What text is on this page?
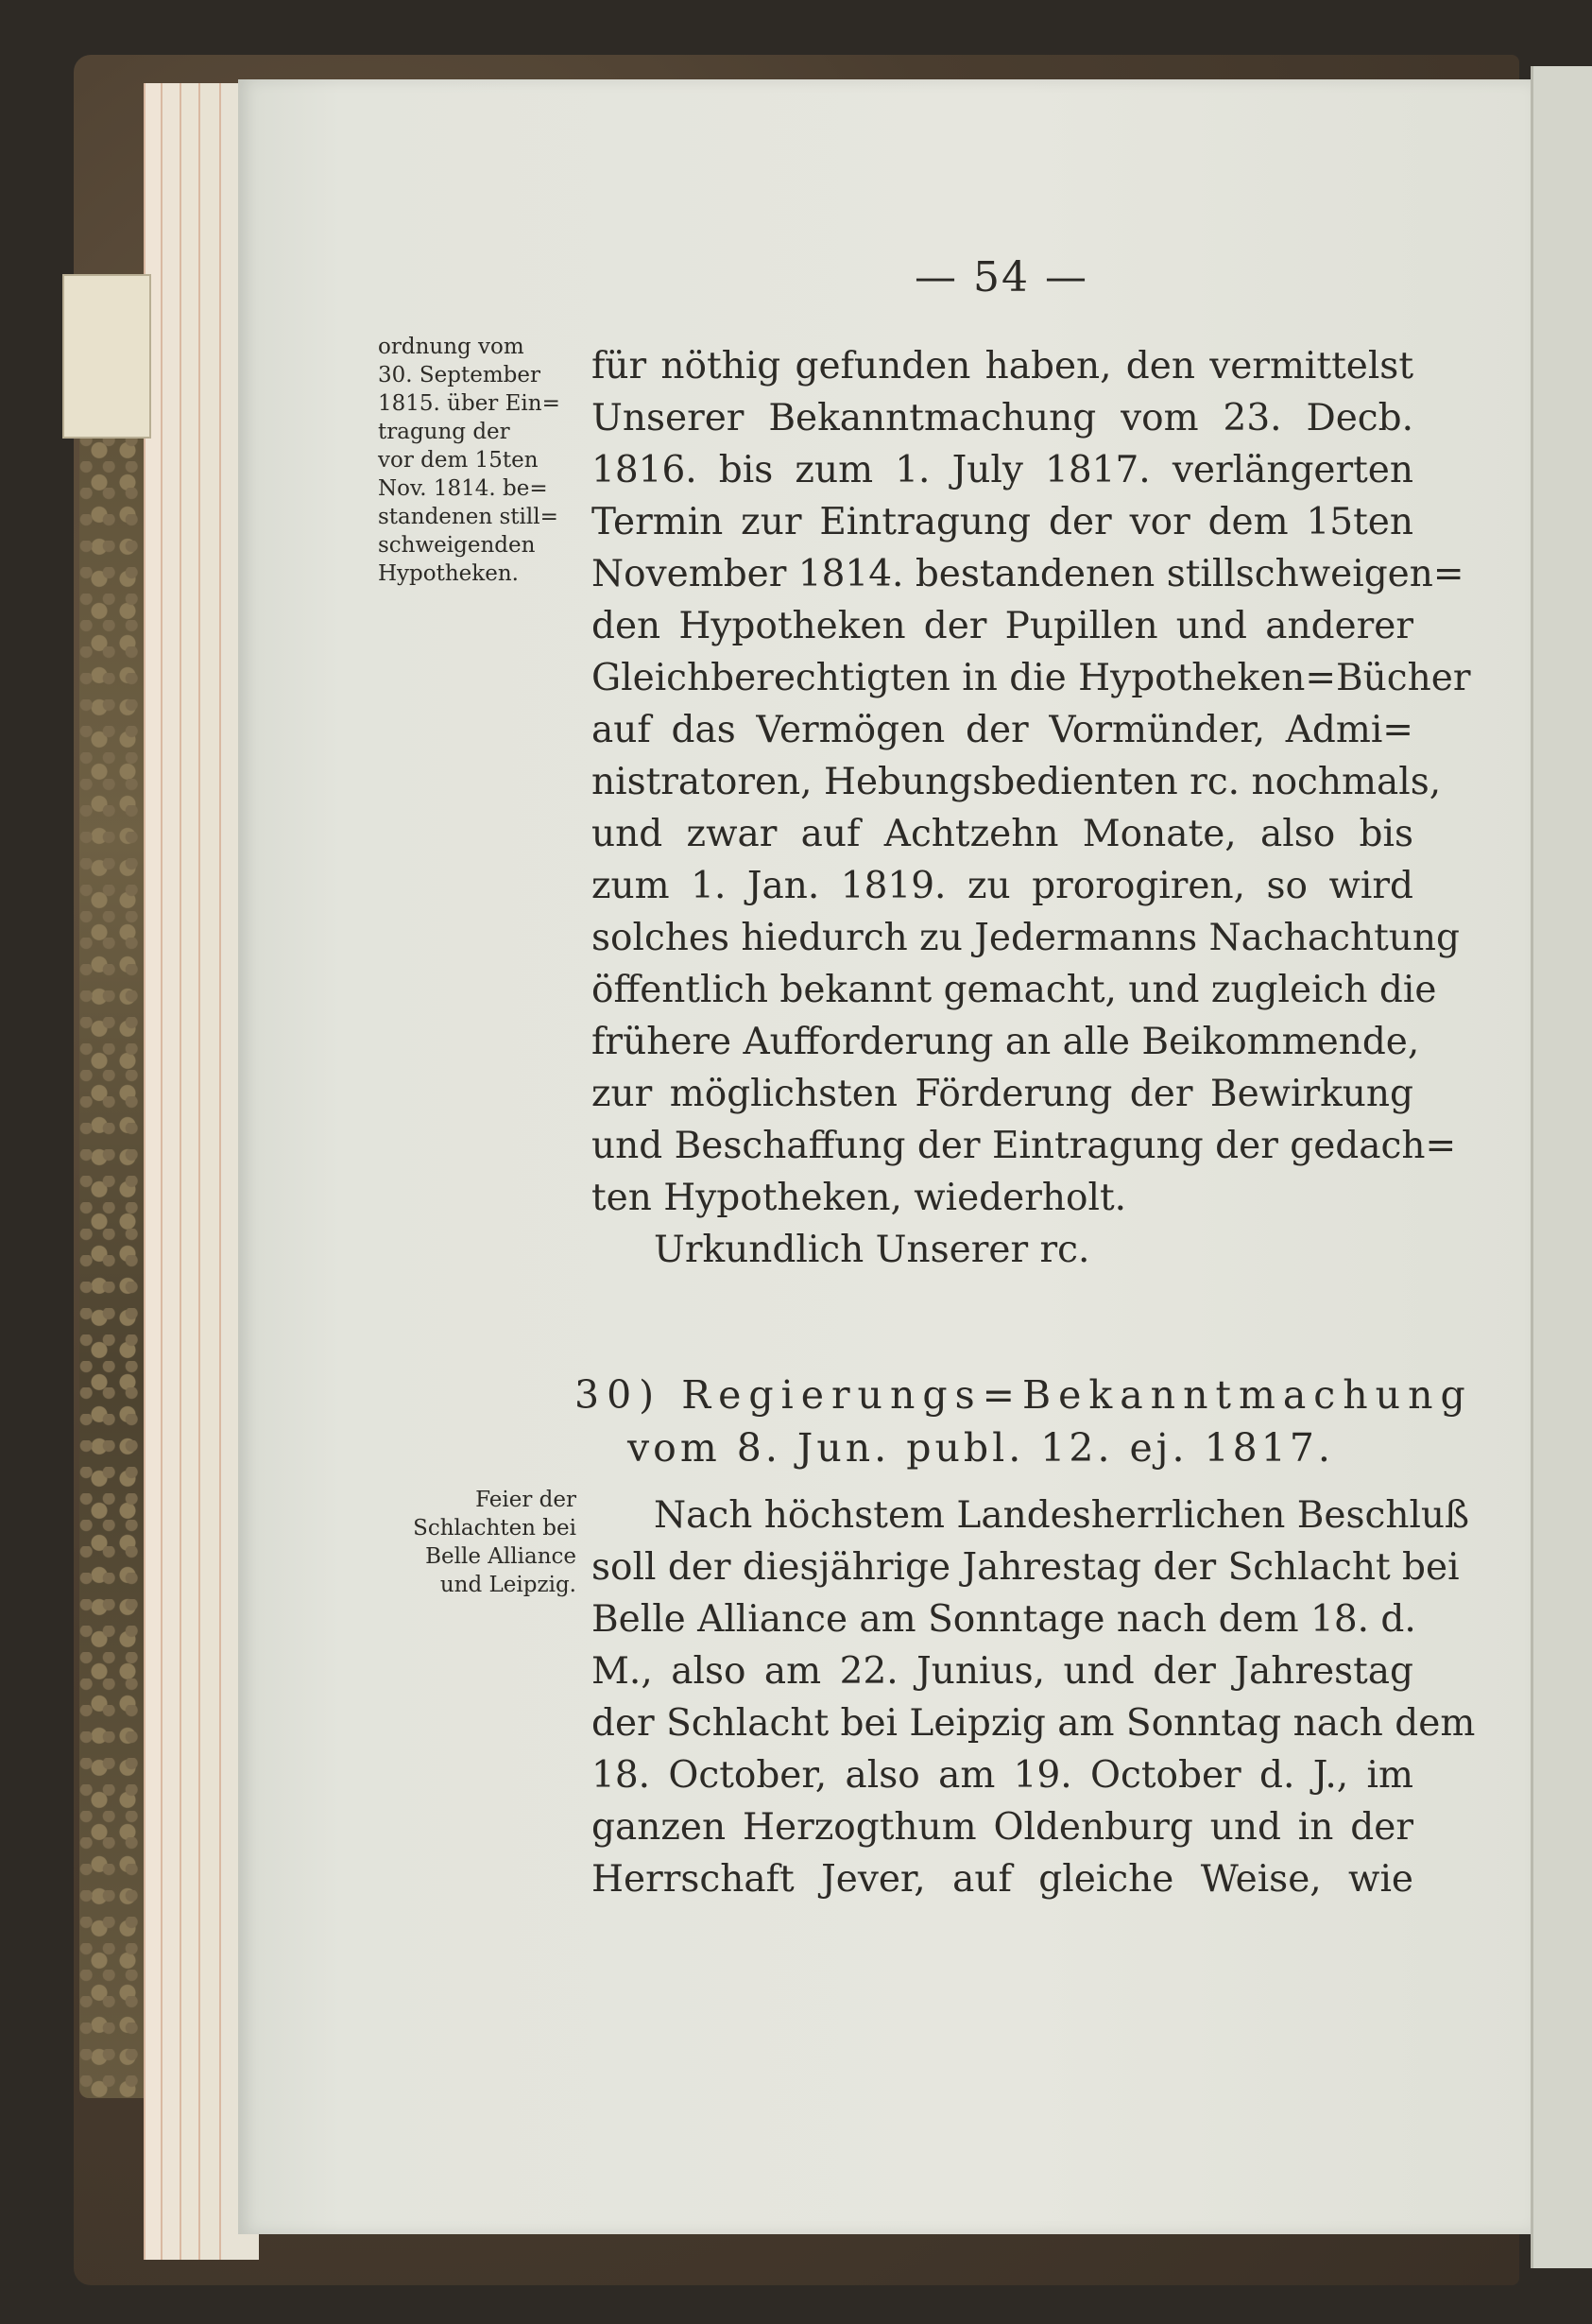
— 54 —
ordnung vom
30. September
1815. über Ein=
tragung der
vor dem 15ten
Nov. 1814. be=
standenen still=
schweigenden
Hypotheken.
für nöthig gefunden haben, den vermittelst
Unserer Bekanntmachung vom 23. Decb.
1816. bis zum 1. July 1817. verlängerten
Termin zur Eintragung der vor dem 15ten
November 1814. bestandenen stillschweigen=
den Hypotheken der Pupillen und anderer
Gleichberechtigten in die Hypotheken=Bücher
auf das Vermögen der Vormünder, Admi=
nistratoren, Hebungsbedienten rc. nochmals,
und zwar auf Achtzehn Monate, also bis
zum 1. Jan. 1819. zu prorogiren, so wird
solches hiedurch zu Jedermanns Nachachtung
öffentlich bekannt gemacht, und zugleich die
frühere Aufforderung an alle Beikommende,
zur möglichsten Förderung der Bewirkung
und Beschaffung der Eintragung der gedach=
ten Hypotheken, wiederholt.
Urkundlich Unserer rc.
30) Regierungs=Bekanntmachung
vom 8. Jun. publ. 12. ej. 1817.
Feier der
Schlachten bei
Belle Alliance
und Leipzig.
Nach höchstem Landesherrlichen Beschluß
soll der diesjährige Jahrestag der Schlacht bei
Belle Alliance am Sonntage nach dem 18. d.
M., also am 22. Junius, und der Jahrestag
der Schlacht bei Leipzig am Sonntag nach dem
18. October, also am 19. October d. J., im
ganzen Herzogthum Oldenburg und in der
Herrschaft Jever, auf gleiche Weise, wie
